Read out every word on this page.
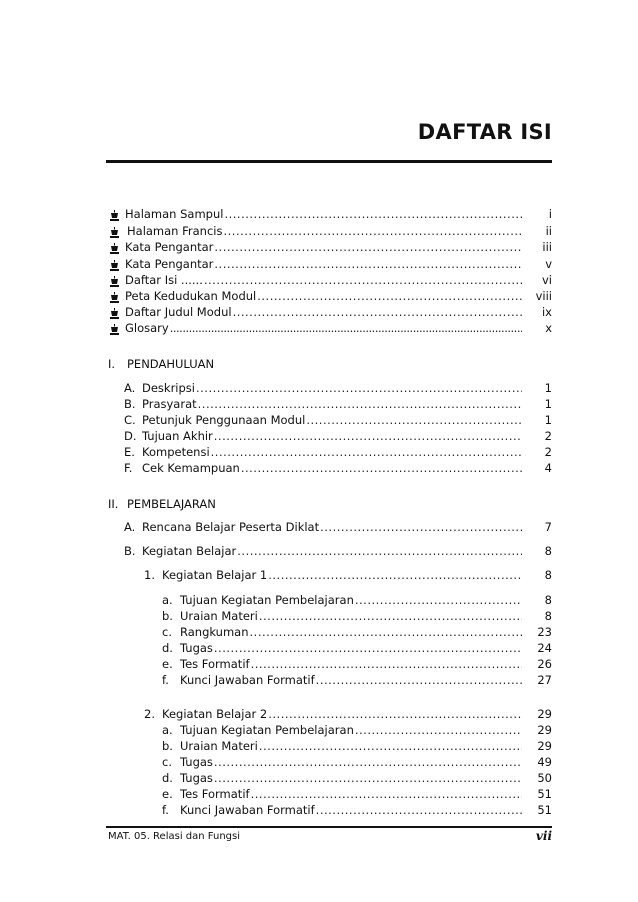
DAFTAR ISI
Halaman Sampul .....	i
Halaman Francis .....	ii
Kata Pengantar .....	iii
Kata Pengantar .....	v
Daftar Isi ...... .....	vi
Peta Kedudukan Modul .....	viii
Daftar Judul Modul .....	ix
Glosary .....	x
I. PENDAHULUAN
A. Deskripsi .....	1
B. Prasyarat .....	1
C. Petunjuk Penggunaan Modul .....	1
D. Tujuan Akhir .....	2
E. Kompetensi .....	2
F. Cek Kemampuan .....	4
II. PEMBELAJARAN
A. Rencana Belajar Peserta Diklat .....	7
B. Kegiatan Belajar .....	8
1. Kegiatan Belajar 1 .....	8
a. Tujuan Kegiatan Pembelajaran .....	8
b. Uraian Materi .....	8
c. Rangkuman .....	23
d. Tugas .....	24
e. Tes Formatif .....	26
f. Kunci Jawaban Formatif .....	27
2. Kegiatan Belajar 2 .....	29
a. Tujuan Kegiatan Pembelajaran .....	29
b. Uraian Materi .....	29
c. Tugas .....	49
d. Tugas .....	50
e. Tes Formatif .....	51
f. Kunci Jawaban Formatif .....	51
MAT. 05. Relasi dan Fungsi	vii
